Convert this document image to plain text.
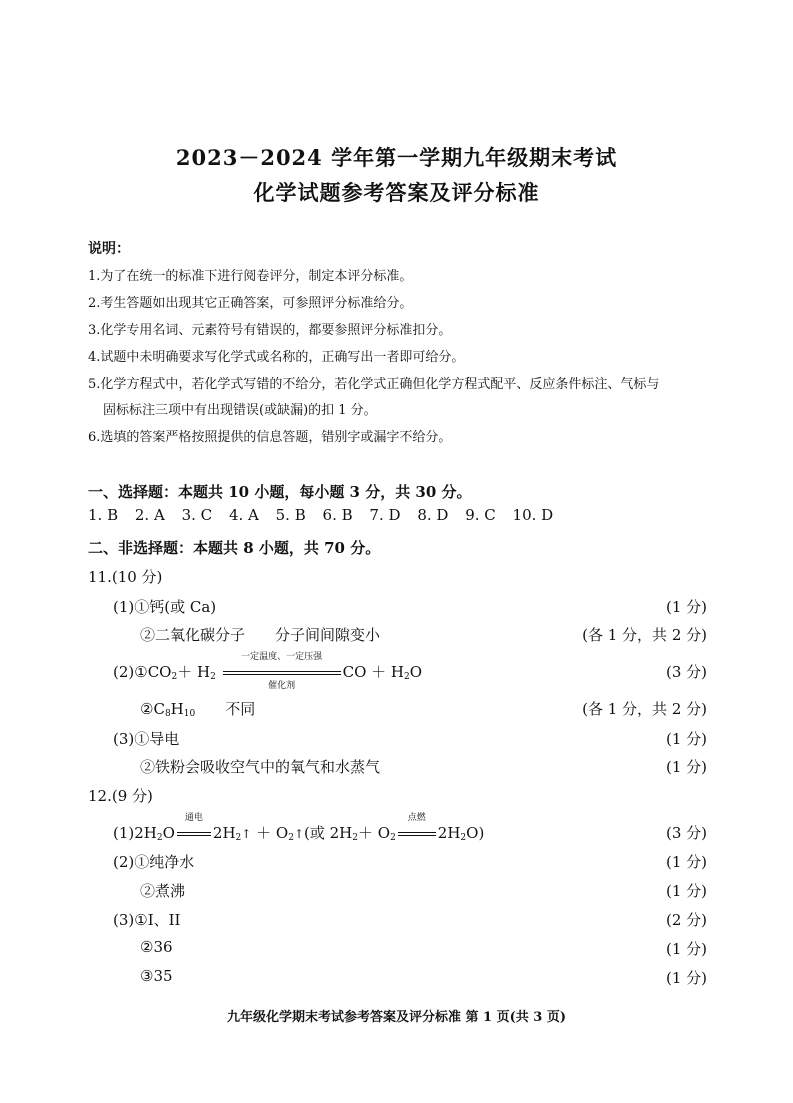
2023－2024 学年第一学期九年级期末考试
化学试题参考答案及评分标准
说明：
1.为了在统一的标准下进行阅卷评分，制定本评分标准。
2.考生答题如出现其它正确答案，可参照评分标准给分。
3.化学专用名词、元素符号有错误的，都要参照评分标准扣分。
4.试题中未明确要求写化学式或名称的，正确写出一者即可给分。
5.化学方程式中，若化学式写错的不给分，若化学式正确但化学方程式配平、反应条件标注、气标与
固标标注三项中有出现错误(或缺漏)的扣 1 分。
6.选填的答案严格按照提供的信息答题，错别字或漏字不给分。
一、选择题：本题共 10 小题，每小题 3 分，共 30 分。
1. B 2. A 3. C 4. A 5. B 6. B 7. D 8. D 9. C 10. D
二、非选择题：本题共 8 小题，共 70 分。
11.(10 分)
(1)①钙(或 Ca)	(1 分)
②二氧化碳分子　　分子间间隙变小	(各 1 分，共 2 分)
$(2)①CO_2+ H_2$
一定温度、一定压强
催化剂
CO ＋ $H_2O$	(3 分)
$②C_8H_{10}$　　不同	(各 1 分，共 2 分)
(3)①导电	(1 分)
②铁粉会吸收空气中的氧气和水蒸气	(1 分)
12.(9 分)
$(1)2H_2O$
通电
$2H_2↑$ ＋ $O_2↑$(或 $2H_2+ O_2$
点燃
$2H_2O$)	(3 分)
(2)①纯净水	(1 分)
②煮沸	(1 分)
(3)①I、II	(2 分)
②36	(1 分)
③35	(1 分)
九年级化学期末考试参考答案及评分标准 第 1 页(共 3 页)
